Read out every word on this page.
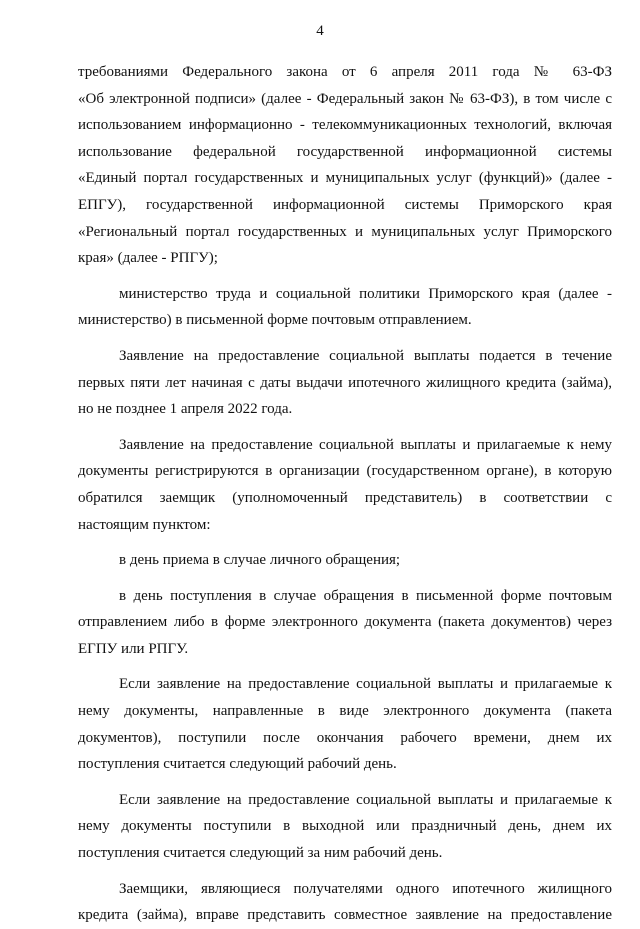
4
требованиями Федерального закона от 6 апреля 2011 года № 63-ФЗ
«Об электронной подписи» (далее - Федеральный закон № 63-ФЗ), в том числе с
использованием информационно - телекоммуникационных технологий, включая
использование федеральной государственной информационной системы
«Единый портал государственных и муниципальных услуг (функций)» (далее -
ЕПГУ), государственной информационной системы Приморского края
«Региональный портал государственных и муниципальных услуг Приморского
края» (далее - РПГУ);
министерство труда и социальной политики Приморского края (далее -
министерство) в письменной форме почтовым отправлением.
Заявление на предоставление социальной выплаты подается в течение
первых пяти лет начиная с даты выдачи ипотечного жилищного кредита (займа),
но не позднее 1 апреля 2022 года.
Заявление на предоставление социальной выплаты и прилагаемые к нему
документы регистрируются в организации (государственном органе), в которую
обратился заемщик (уполномоченный представитель) в соответствии с
настоящим пунктом:
в день приема в случае личного обращения;
в день поступления в случае обращения в письменной форме почтовым
отправлением либо в форме электронного документа (пакета документов) через
ЕГПУ или РПГУ.
Если заявление на предоставление социальной выплаты и прилагаемые к
нему документы, направленные в виде электронного документа (пакета
документов), поступили после окончания рабочего времени, днем их
поступления считается следующий рабочий день.
Если заявление на предоставление социальной выплаты и прилагаемые к
нему документы поступили в выходной или праздничный день, днем их
поступления считается следующий за ним рабочий день.
Заемщики, являющиеся получателями одного ипотечного жилищного
кредита (займа), вправе представить совместное заявление на предоставление
